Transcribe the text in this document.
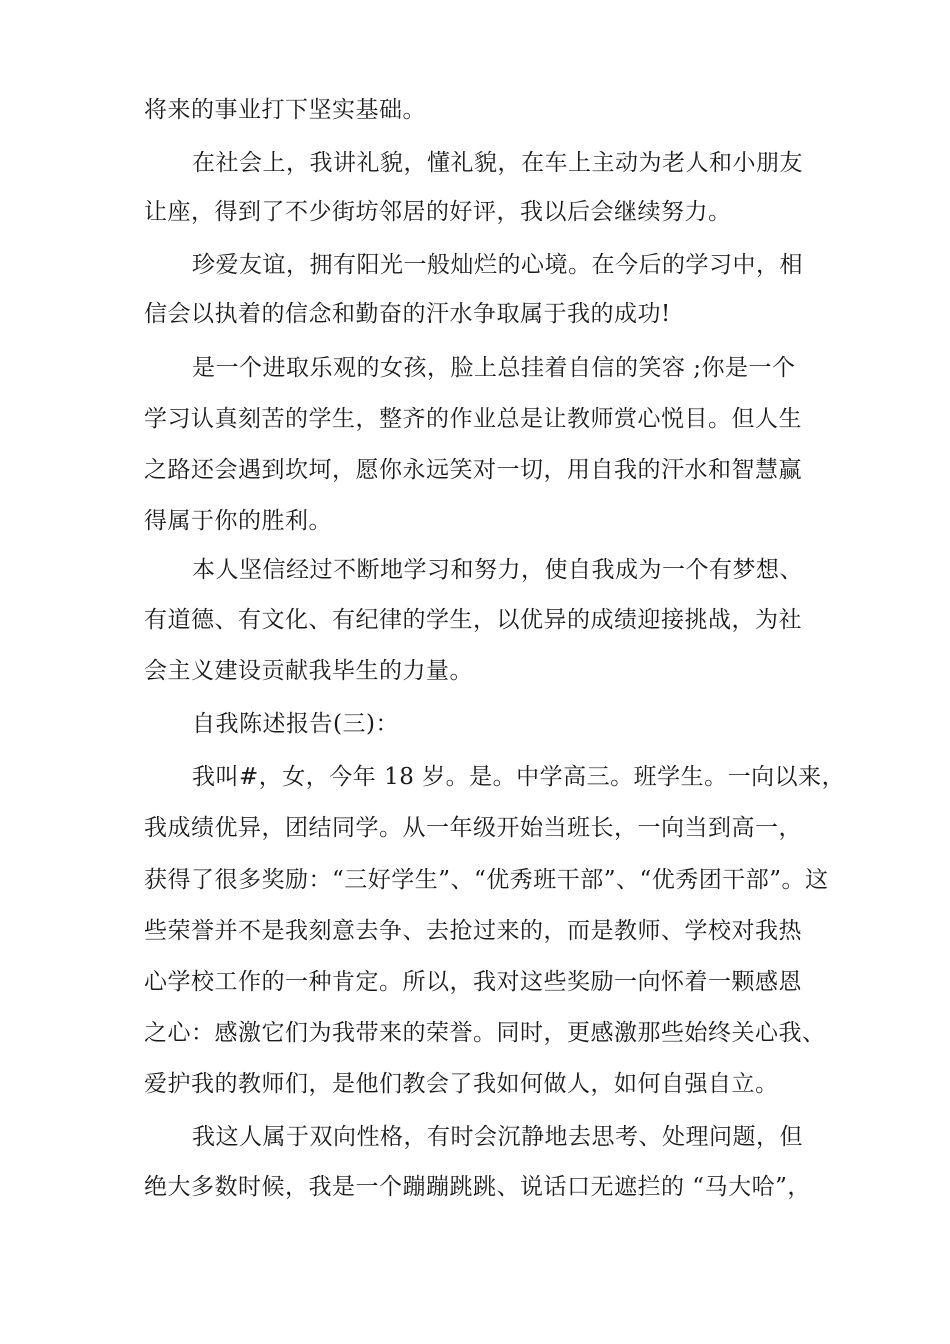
将来的事业打下坚实基础。
在社会上，我讲礼貌，懂礼貌，在车上主动为老人和小朋友
让座，得到了不少街坊邻居的好评，我以后会继续努力。
珍爱友谊，拥有阳光一般灿烂的心境。在今后的学习中，相
信会以执着的信念和勤奋的汗水争取属于我的成功!
是一个进取乐观的女孩，脸上总挂着自信的笑容 ;你是一个
学习认真刻苦的学生，整齐的作业总是让教师赏心悦目。但人生
之路还会遇到坎坷，愿你永远笑对一切，用自我的汗水和智慧赢
得属于你的胜利。
本人坚信经过不断地学习和努力，使自我成为一个有梦想、
有道德、有文化、有纪律的学生，以优异的成绩迎接挑战，为社
会主义建设贡献我毕生的力量。
自我陈述报告(三)：
我叫#，女，今年 18 岁。是。中学高三。班学生。一向以来，
我成绩优异，团结同学。从一年级开始当班长，一向当到高一，
获得了很多奖励：“三好学生”、“优秀班干部”、“优秀团干部”。这
些荣誉并不是我刻意去争、去抢过来的，而是教师、学校对我热
心学校工作的一种肯定。所以，我对这些奖励一向怀着一颗感恩
之心：感激它们为我带来的荣誉。同时，更感激那些始终关心我、
爱护我的教师们，是他们教会了我如何做人，如何自强自立。
我这人属于双向性格，有时会沉静地去思考、处理问题，但
绝大多数时候，我是一个蹦蹦跳跳、说话口无遮拦的 “马大哈”，
